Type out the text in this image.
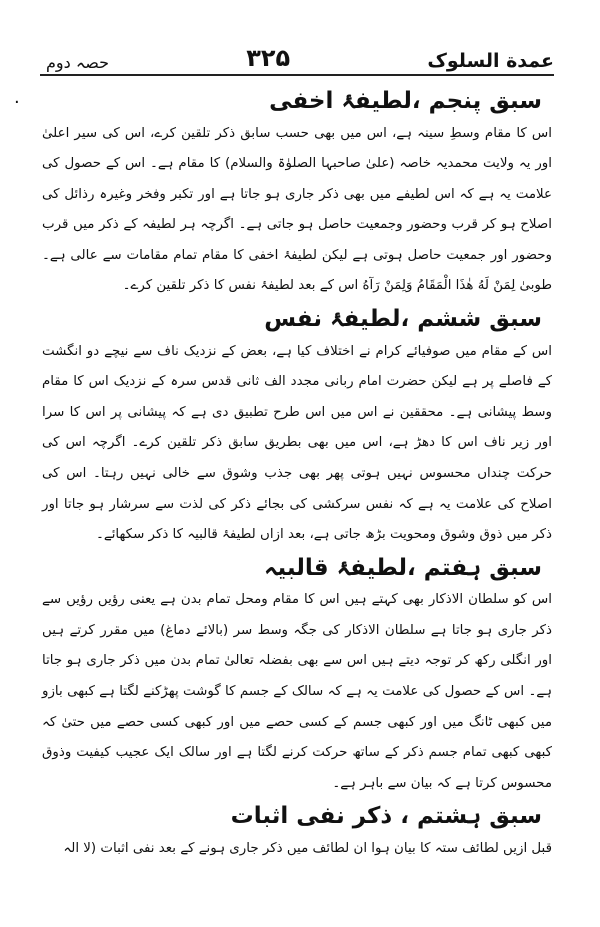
عمدة السلوک
۳۲۵
حصہ دوم
·	سبق پنجم ،لطیفۂ اخفی

اس کا مقام وسطِ سینہ ہے، اس میں بھی حسب سابق ذکر تلقین کرے، اس کی سیر اعلیٰ اور یہ ولایت محمدیہ خاصہ (علیٰ صاحبہا الصلوٰۃ والسلام) کا مقام ہے۔ اس کے حصول کی علامت یہ ہے کہ اس لطیفے میں بھی ذکر جاری ہو جاتا ہے اور تکبر وفخر وغیرہ رذائل کی اصلاح ہو کر قرب وحضور وجمعیت حاصل ہو جاتی ہے۔ اگرچہ ہر لطیفہ کے ذکر میں قرب وحضور اور جمعیت حاصل ہوتی ہے لیکن لطیفۂ اخفی کا مقام تمام مقامات سے عالی ہے۔ طوبیٰ لِمَنْ لَهُ هٰذَا الْمَقَامُ وَلِمَنْ رَآهُ اس کے بعد لطیفۂ نفس کا ذکر تلقین کرے۔

سبق ششم ،لطیفۂ نفس

اس کے مقام میں صوفیائے کرام نے اختلاف کیا ہے، بعض کے نزدیک ناف سے نیچے دو انگشت کے فاصلے پر ہے لیکن حضرت امام ربانی مجدد الف ثانی قدس سرہ کے نزدیک اس کا مقام وسط پیشانی ہے۔ محققین نے اس میں اس طرح تطبیق دی ہے کہ پیشانی پر اس کا سرا اور زیر ناف اس کا دھڑ ہے، اس میں بھی بطریق سابق ذکر تلقین کرے۔ اگرچہ اس کی حرکت چنداں محسوس نہیں ہوتی پھر بھی جذب وشوق سے خالی نہیں رہتا۔ اس کی اصلاح کی علامت یہ ہے کہ نفس سرکشی کی بجائے ذکر کی لذت سے سرشار ہو جاتا اور ذکر میں ذوق وشوق ومحویت بڑھ جاتی ہے، بعد ازاں لطیفۂ قالبیہ کا ذکر سکھائے۔

سبق ہفتم ،لطیفۂ قالبیہ

اس کو سلطان الاذکار بھی کہتے ہیں اس کا مقام ومحل تمام بدن ہے یعنی رؤیں رؤیں سے ذکر جاری ہو جاتا ہے سلطان الاذکار کی جگہ وسط سر (بالائے دماغ) میں مقرر کرتے ہیں اور انگلی رکھ کر توجہ دیتے ہیں اس سے بھی بفضلہ تعالیٰ تمام بدن میں ذکر جاری ہو جاتا ہے۔ اس کے حصول کی علامت یہ ہے کہ سالک کے جسم کا گوشت پھڑکنے لگتا ہے کبھی بازو میں کبھی ٹانگ میں اور کبھی جسم کے کسی حصے میں اور کبھی کسی حصے میں حتیٰ کہ کبھی کبھی تمام جسم ذکر کے ساتھ حرکت کرنے لگتا ہے اور سالک ایک عجیب کیفیت وذوق محسوس کرتا ہے کہ بیان سے باہر ہے۔

سبق ہشتم ، ذکر نفی اثبات

قبل ازیں لطائف ستہ کا بیان ہوا ان لطائف میں ذکر جاری ہونے کے بعد نفی اثبات (لا الہ
